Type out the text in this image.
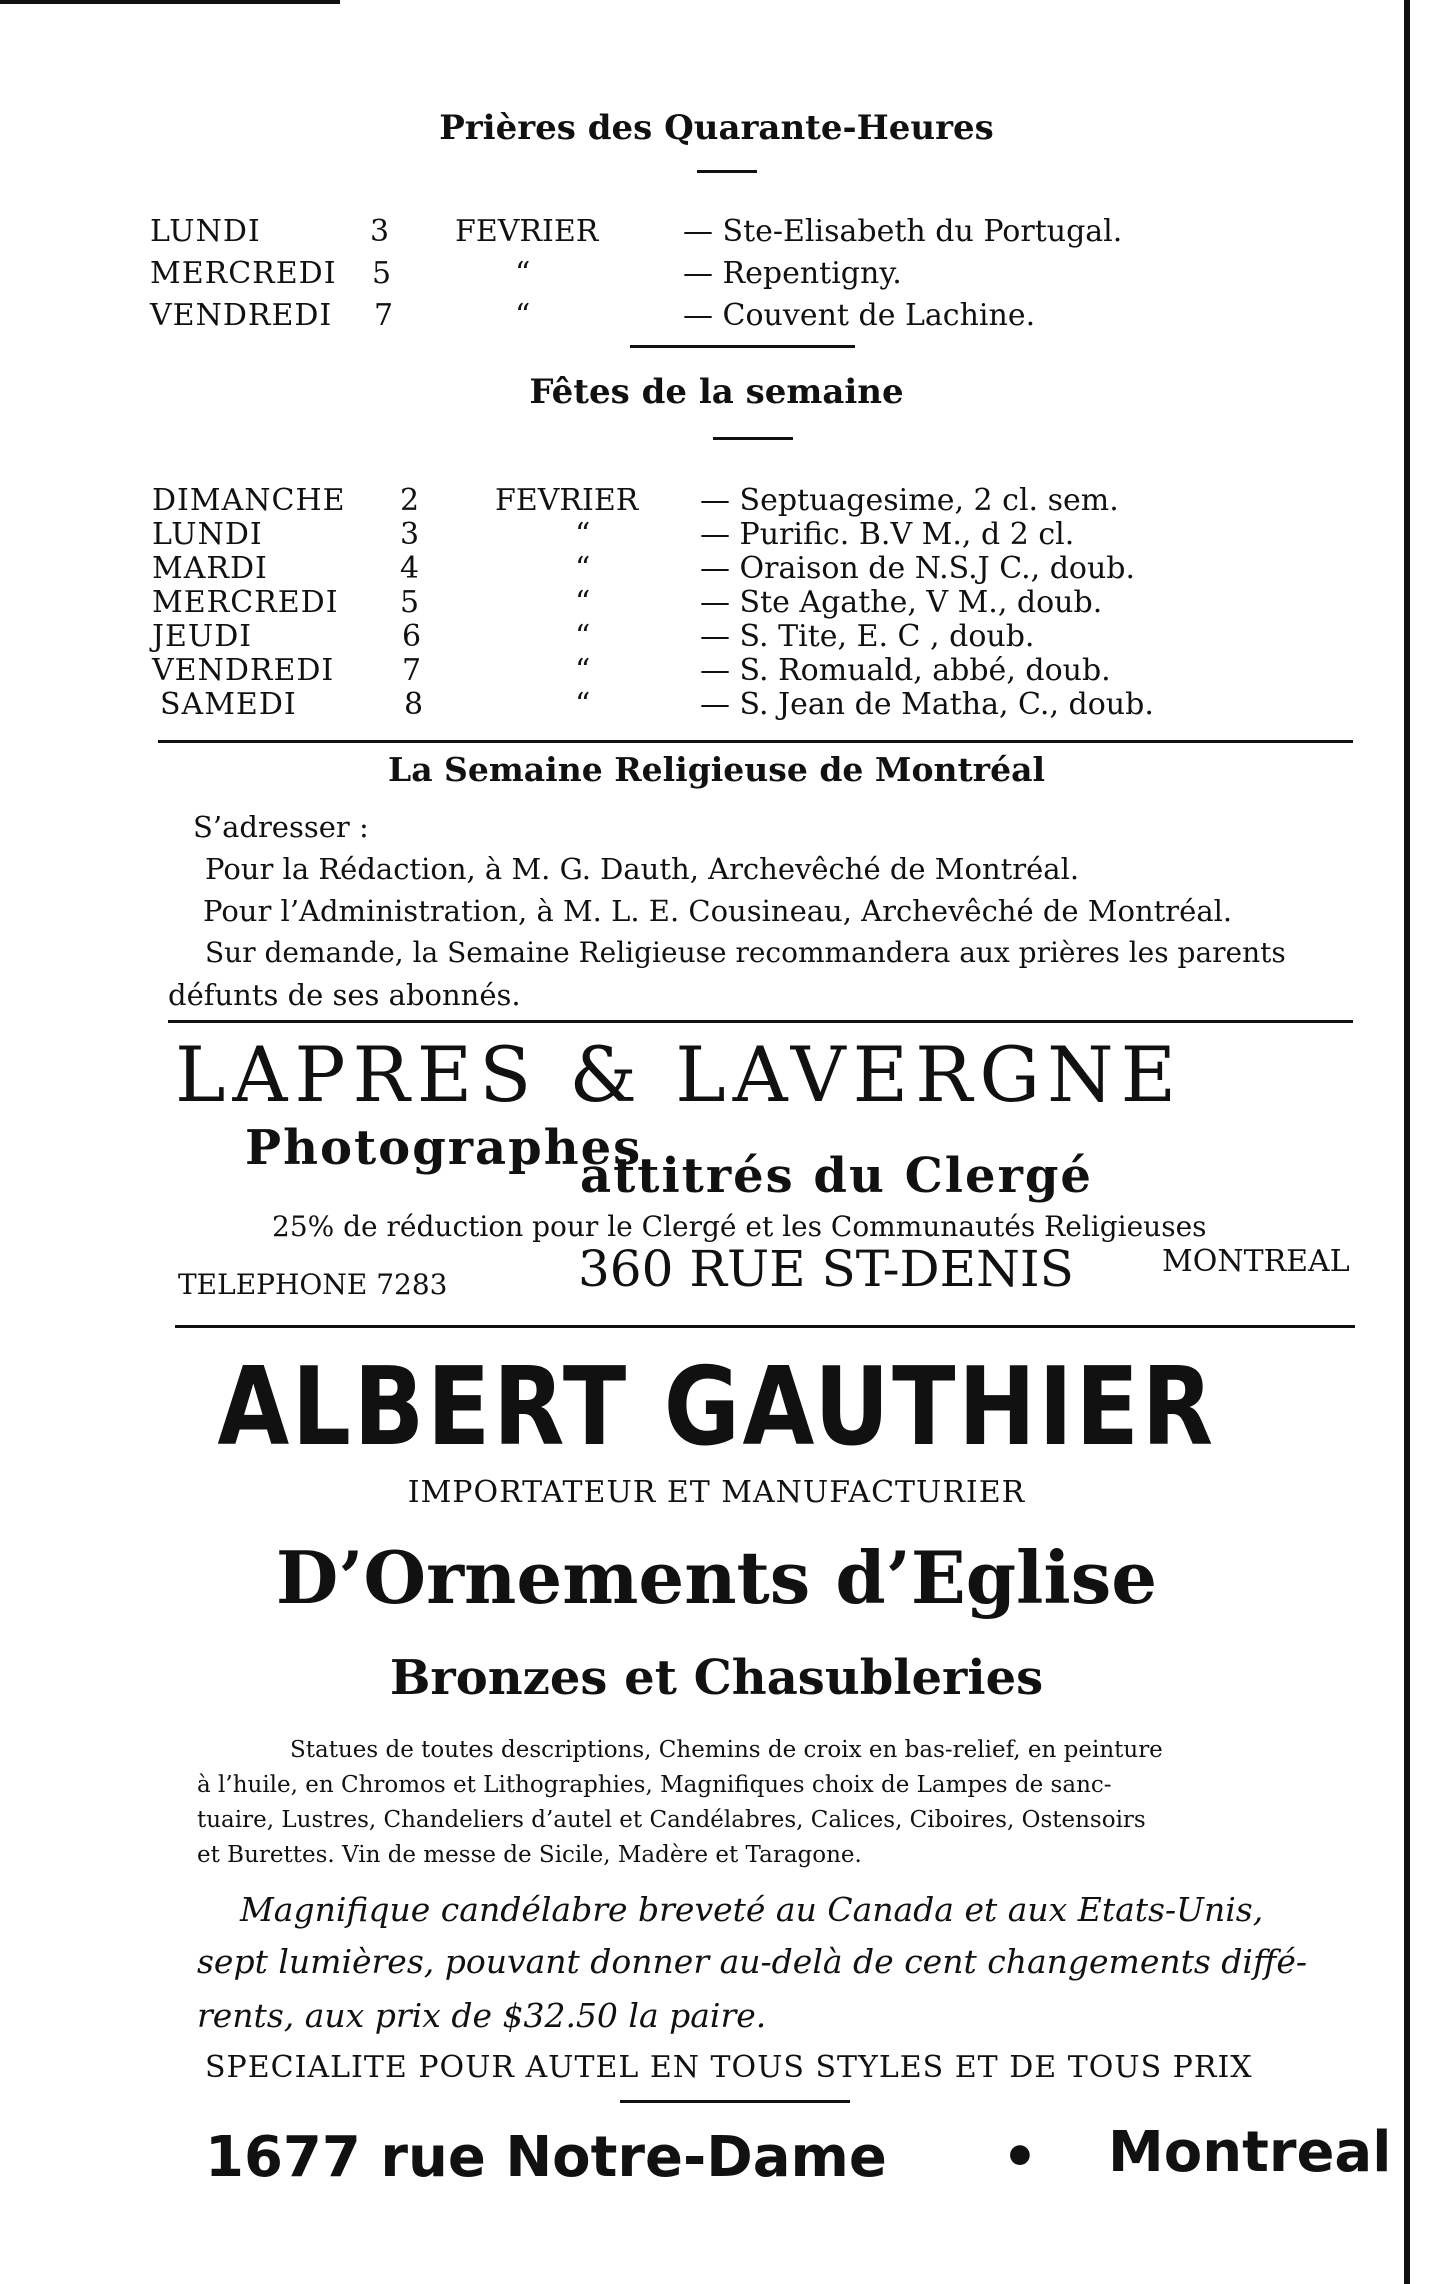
Prières des Quarante-Heures
LUNDI	3 FEVRIER	— Ste-Elisabeth du Portugal.
MERCREDI 5	“	— Repentigny.
VENDREDI 7	“	— Couvent de Lachine.
Fêtes de la semaine
DIMANCHE 2	FEVRIER — Septuagesime, 2 cl. sem.
LUNDI	3	“	— Purific. B.V M., d 2 cl.
MARDI	4	“	— Oraison de N.S.J C., doub.
MERCREDI 5	“	— Ste Agathe, V M., doub.
JEUDI	6	“	— S. Tite, E. C , doub.
VENDREDI 7	“	— S. Romuald, abbé, doub.
SAMEDI	8	“	— S. Jean de Matha, C., doub.
La Semaine Religieuse de Montréal
S’adresser :
Pour la Rédaction, à M. G. Dauth, Archevêché de Montréal.
Pour l’Administration, à M. L. E. Cousineau, Archevêché de Montréal.
Sur demande, la Semaine Religieuse recommandera aux prières les parents
défunts de ses abonnés.
LAPRES & LAVERGNE
Photographes
attitrés du Clergé
25% de réduction pour le Clergé et les Communautés Religieuses
TELEPHONE 7283	360 RUE ST-DENIS	MONTREAL
ALBERT GAUTHIER
IMPORTATEUR ET MANUFACTURIER
D’Ornements d’Eglise
Bronzes et Chasubleries
Statues de toutes descriptions, Chemins de croix en bas-relief, en peinture
à l’huile, en Chromos et Lithographies, Magnifiques choix de Lampes de sanc-
tuaire, Lustres, Chandeliers d’autel et Candélabres, Calices, Ciboires, Ostensoirs
et Burettes. Vin de messe de Sicile, Madère et Taragone.
Magnifique candélabre breveté au Canada et aux Etats-Unis,
sept lumières, pouvant donner au-delà de cent changements diffé-
rents, aux prix de $32.50 la paire.
SPECIALITE POUR AUTEL EN TOUS STYLES ET DE TOUS PRIX
1677 rue Notre-Dame • Montreal
